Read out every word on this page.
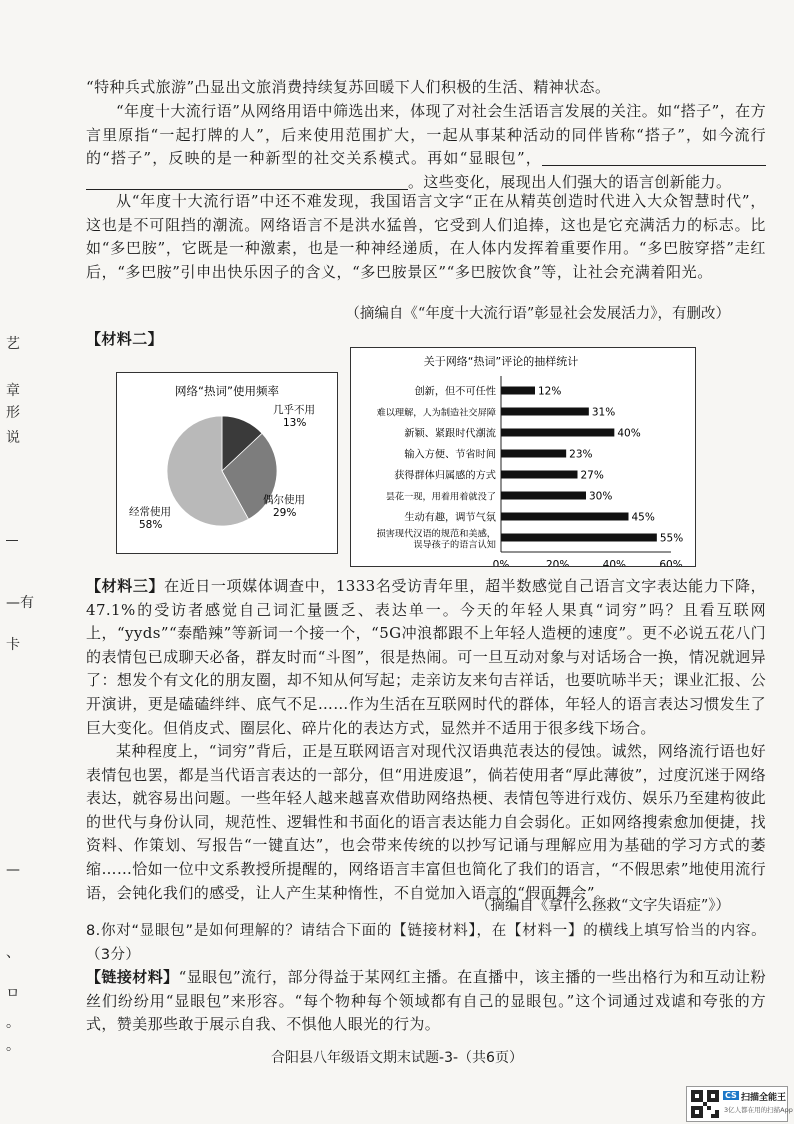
“特种兵式旅游”凸显出文旅消费持续复苏回暖下人们积极的生活、精神状态。

“年度十大流行语”从网络用语中筛选出来，体现了对社会生活语言发展的关注。如“搭子”，在方言里原指“一起打牌的人”，后来使用范围扩大，一起从事某种活动的同伴皆称“搭子”，如今流行的“搭子”，反映的是一种新型的社交关系模式。再如“显眼包”，。这些变化，展现出人们强大的语言创新能力。

从“年度十大流行语”中还不难发现，我国语言文字“正在从精英创造时代进入大众智慧时代”，这也是不可阻挡的潮流。网络语言不是洪水猛兽，它受到人们追捧，这也是它充满活力的标志。比如“多巴胺”，它既是一种激素，也是一种神经递质，在人体内发挥着重要作用。“多巴胺穿搭”走红后，“多巴胺”引申出快乐因子的含义，“多巴胺景区”“多巴胺饮食”等，让社会充满着阳光。

（摘编自《“年度十大流行语”彰显社会发展活力》，有删改）
【材料二】
网络“热词”使用频率
几乎不用
13%
偶尔使用
29%
经常使用
58%
关于网络“热词”评论的抽样统计
12%
创新，但不可任性
31%
难以理解，人为制造社交屏障
40%
新颖、紧跟时代潮流
23%
输入方便、节省时间
27%
获得群体归属感的方式
30%
昙花一现，用着用着就没了
45%
生动有趣，调节气氛
55%
损害现代汉语的规范和美感，
误导孩子的语言认知
0%	20%	40%	60%

【材料三】在近日一项媒体调查中，1333名受访青年里，超半数感觉自己语言文字表达能力下降，47.1%的受访者感觉自己词汇量匮乏、表达单一。今天的年轻人果真“词穷”吗？且看互联网上，“yyds”“泰酷辣”等新词一个接一个，“5G冲浪都跟不上年轻人造梗的速度”。更不必说五花八门的表情包已成聊天必备，群友时而“斗图”，很是热闹。可一旦互动对象与对话场合一换，情况就迥异了：想发个有文化的朋友圈，却不知从何写起；走亲访友来句吉祥话，也要吭哧半天；课业汇报、公开演讲，更是磕磕绊绊、底气不足……作为生活在互联网时代的群体，年轻人的语言表达习惯发生了巨大变化。但俏皮式、圈层化、碎片化的表达方式，显然并不适用于很多线下场合。

某种程度上，“词穷”背后，正是互联网语言对现代汉语典范表达的侵蚀。诚然，网络流行语也好表情包也罢，都是当代语言表达的一部分，但“用进废退”，倘若使用者“厚此薄彼”，过度沉迷于网络表达，就容易出问题。一些年轻人越来越喜欢借助网络热梗、表情包等进行戏仿、娱乐乃至建构彼此的世代与身份认同，规范性、逻辑性和书面化的语言表达能力自会弱化。正如网络搜索愈加便捷，找资料、作策划、写报告“一键直达”，也会带来传统的以抄写记诵与理解应用为基础的学习方式的萎缩……恰如一位中文系教授所提醒的，网络语言丰富但也简化了我们的语言，“不假思索”地使用流行语，会钝化我们的感受，让人产生某种惰性，不自觉加入语言的“假面舞会”。

（摘编自《拿什么拯救“文字失语症”》）

8.你对“显眼包”是如何理解的？请结合下面的【链接材料】，在【材料一】的横线上填写恰当的内容。（3分）

【链接材料】“显眼包”流行，部分得益于某网红主播。在直播中，该主播的一些出格行为和互动让粉丝们纷纷用“显眼包”来形容。“每个物种每个领域都有自己的显眼包。”这个词通过戏谑和夸张的方式，赞美那些敢于展示自我、不惧他人眼光的行为。

艺
章
形
说
—有
卡
—
、
ㅁ
。
。
合阳县八年级语文期末试题-3-（共6页）
CS 扫描全能王
3亿人都在用的扫描App
